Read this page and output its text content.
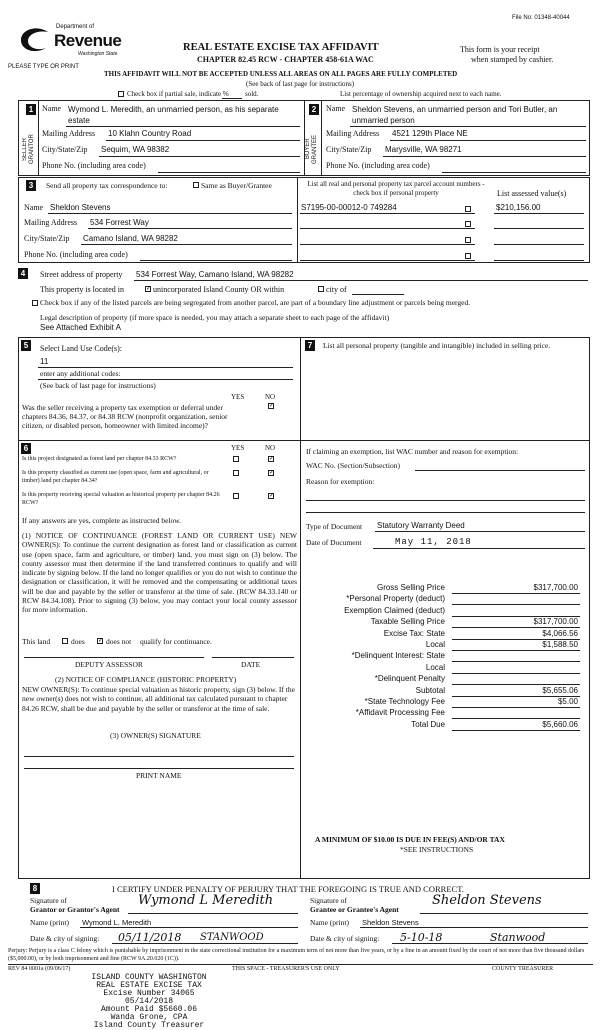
File No: 01348-40044
Department of
Revenue
Washington State
PLEASE TYPE OR PRINT
REAL ESTATE EXCISE TAX AFFIDAVIT
CHAPTER 82.45 RCW - CHAPTER 458-61A WAC
This form is your receipt
when stamped by cashier.
THIS AFFIDAVIT WILL NOT BE ACCEPTED UNLESS ALL AREAS ON ALL PAGES ARE FULLY COMPLETED
(See back of last page for instructions)
Check box if partial sale, indicate % sold.	List percentage of ownership acquired next to each name.
1
SELLER GRANTOR
Name Wymond L. Meredith, an unmarried person, as his separate estate
Mailing Address 10 Klahn Country Road
City/State/Zip Sequim, WA 98382
Phone No. (including area code)
2
BUYER GRANTEE
Name Sheldon Stevens, an unmarried person and Tori Butler, an unmarried person
Mailing Address 4521 129th Place NE
City/State/Zip Marysville, WA 98271
Phone No. (including area code)
3	Send all property tax correspondence to:	Same as Buyer/Grantee
Name Sheldon Stevens
Mailing Address 534 Forrest Way
City/State/Zip Camano Island, WA 98282
Phone No. (including area code)
List all real and personal property tax parcel account numbers - check box if personal property	List assessed value(s)
S7195-00-00012-0 749284	$210,156.00
4	Street address of property 534 Forrest Way, Camano Island, WA 98282
This property is located in	✓ unincorporated Island County OR within	city of
Check box if any of the listed parcels are being segregated from another parcel, are part of a boundary line adjustment or parcels being merged.
Legal description of property (if more space is needed, you may attach a separate sheet to each page of the affidavit)
See Attached Exhibit A
5	Select Land Use Code(s):
11
enter any additional codes:
(See back of last page for instructions)
YES	NO
Was the seller receiving a property tax exemption or deferral under chapters 84.36, 84.37, or 84.38 RCW (nonprofit organization, senior citizen, or disabled person, homeowner with limited income)?
✓
6	YES	NO
Is this project designated as forest land per chapter 84.33 RCW?	✓
Is this property classified as current use (open space, farm and agricultural, or timber) land per chapter 84.34?
✓
Is this property receiving special valuation as historical property per chapter 84.26 RCW?
✓
If any answers are yes, complete as instructed below.
(1) NOTICE OF CONTINUANCE (FOREST LAND OR CURRENT USE) NEW OWNER(S): To continue the current designation as forest land or classification as current use (open space, farm and agriculture, or timber) land, you must sign on (3) below. The county assessor must then determine if the land transferred continues to qualify and will indicate by signing below. If the land no longer qualifies or you do not wish to continue the designation or classification, it will be removed and the compensating or additional taxes will be due and payable by the seller or transferor at the time of sale. (RCW 84.33.140 or RCW 84.34.108). Prior to signing (3) below, you may contact your local county assessor for more information.
This land	does ✓ does not qualify for continuance.
DEPUTY ASSESSOR	DATE
(2) NOTICE OF COMPLIANCE (HISTORIC PROPERTY)
NEW OWNER(S): To continue special valuation as historic property, sign (3) below. If the new owner(s) does not wish to continue, all additional tax calculated pursuant to chapter 84.26 RCW, shall be due and payable by the seller or transferor at the time of sale.
(3) OWNER(S) SIGNATURE
PRINT NAME
7	List all personal property (tangible and intangible) included in selling price.
If claiming an exemption, list WAC number and reason for exemption:
WAC No. (Section/Subsection)
Reason for exemption:
Type of Document Statutory Warranty Deed
Date of Document	May 11, 2018
Gross Selling Price	$317,700.00
*Personal Property (deduct)
Exemption Claimed (deduct)
Taxable Selling Price	$317,700.00
Excise Tax: State	$4,066.56
Local	$1,588.50
*Delinquent Interest: State
Local
*Delinquent Penalty
Subtotal	$5,655.06
*State Technology Fee	$5.00
*Affidavit Processing Fee
Total Due	$5,660.06
A MINIMUM OF $10.00 IS DUE IN FEE(S) AND/OR TAX
*SEE INSTRUCTIONS
8	I CERTIFY UNDER PENALTY OF PERJURY THAT THE FOREGOING IS TRUE AND CORRECT.
Signature of
Grantor or Grantor's Agent
Wymond L Meredith
Name (print) Wymond L. Meredith
Date & city of signing: 05/11/2018 STANWOOD
Signature of
Grantee or Grantee's Agent
Sheldon Stevens
Name (print) Sheldon Stevens
Date & city of signing: 5-10-18	Stanwood
Perjury: Perjury is a class C felony which is punishable by imprisonment in the state correctional institution for a maximum term of not more than five years, or by a fine in an amount fixed by the court of not more than five thousand dollars ($5,000.00), or by both imprisonment and fine (RCW 9A.20.020 (1C)).
REV 84 0001a (09/06/17)	THIS SPACE - TREASURER'S USE ONLY	COUNTY TREASURER
ISLAND COUNTY WASHINGTON
REAL ESTATE EXCISE TAX
Excise Number 34065
05/14/2018
Amount Paid $5660.06
Wanda Grone, CPA
Island County Treasurer
